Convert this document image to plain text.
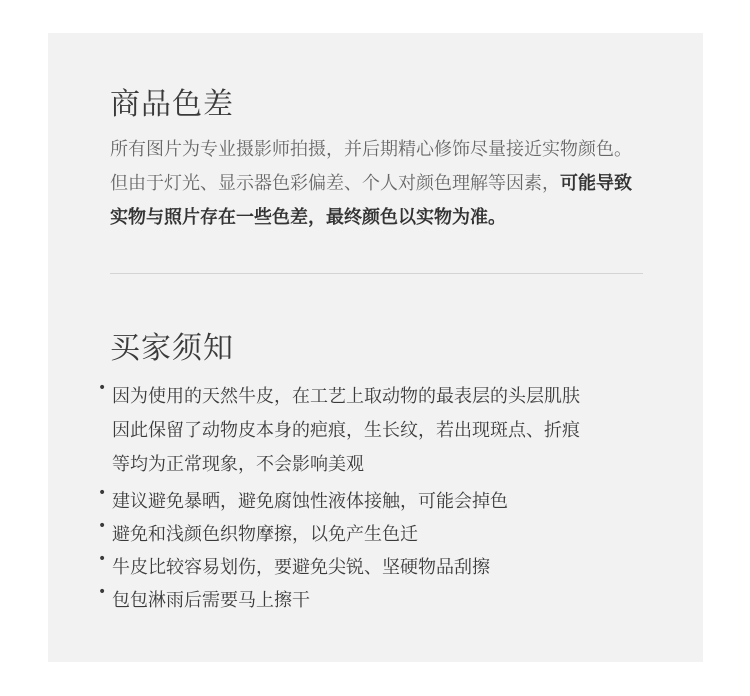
商品色差
所有图片为专业摄影师拍摄，并后期精心修饰尽量接近实物颜色。
但由于灯光、显示器色彩偏差、个人对颜色理解等因素，可能导致
实物与照片存在一些色差，最终颜色以实物为准。
买家须知
• 因为使用的天然牛皮，在工艺上取动物的最表层的头层肌肤
因此保留了动物皮本身的疤痕，生长纹，若出现斑点、折痕
等均为正常现象，不会影响美观
• 建议避免暴晒，避免腐蚀性液体接触，可能会掉色
• 避免和浅颜色织物摩擦，以免产生色迁
• 牛皮比较容易划伤，要避免尖锐、坚硬物品刮擦
• 包包淋雨后需要马上擦干
